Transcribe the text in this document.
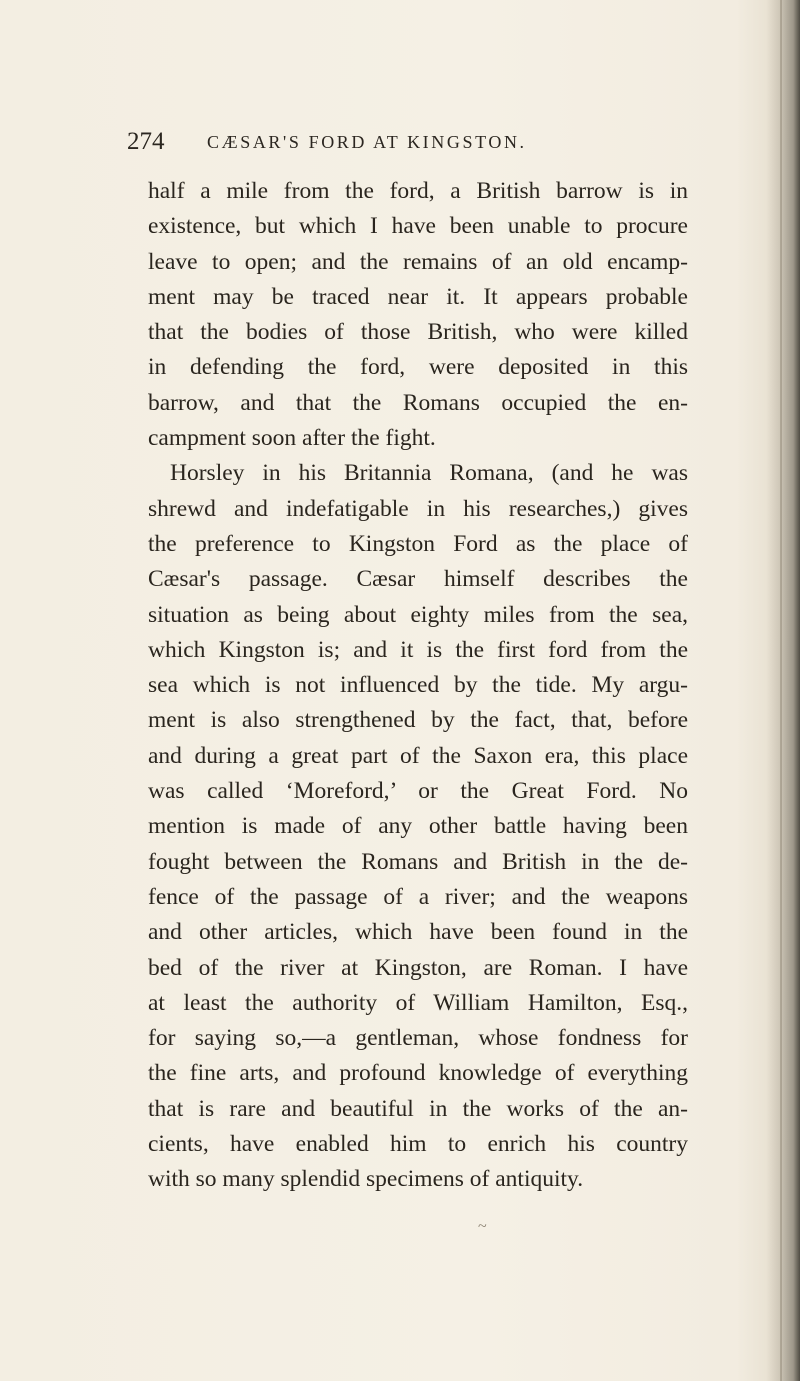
274 CÆSAR'S FORD AT KINGSTON.
half a mile from the ford, a British barrow is in
existence, but which I have been unable to procure
leave to open; and the remains of an old encamp-
ment may be traced near it. It appears probable
that the bodies of those British, who were killed
in defending the ford, were deposited in this
barrow, and that the Romans occupied the en-
campment soon after the fight.
Horsley in his Britannia Romana, (and he was
shrewd and indefatigable in his researches,) gives
the preference to Kingston Ford as the place of
Cæsar's passage. Cæsar himself describes the
situation as being about eighty miles from the sea,
which Kingston is; and it is the first ford from the
sea which is not influenced by the tide. My argu-
ment is also strengthened by the fact, that, before
and during a great part of the Saxon era, this place
was called ‘Moreford,’ or the Great Ford. No
mention is made of any other battle having been
fought between the Romans and British in the de-
fence of the passage of a river; and the weapons
and other articles, which have been found in the
bed of the river at Kingston, are Roman. I have
at least the authority of William Hamilton, Esq.,
for saying so,—a gentleman, whose fondness for
the fine arts, and profound knowledge of everything
that is rare and beautiful in the works of the an-
cients, have enabled him to enrich his country
with so many splendid specimens of antiquity.
~
